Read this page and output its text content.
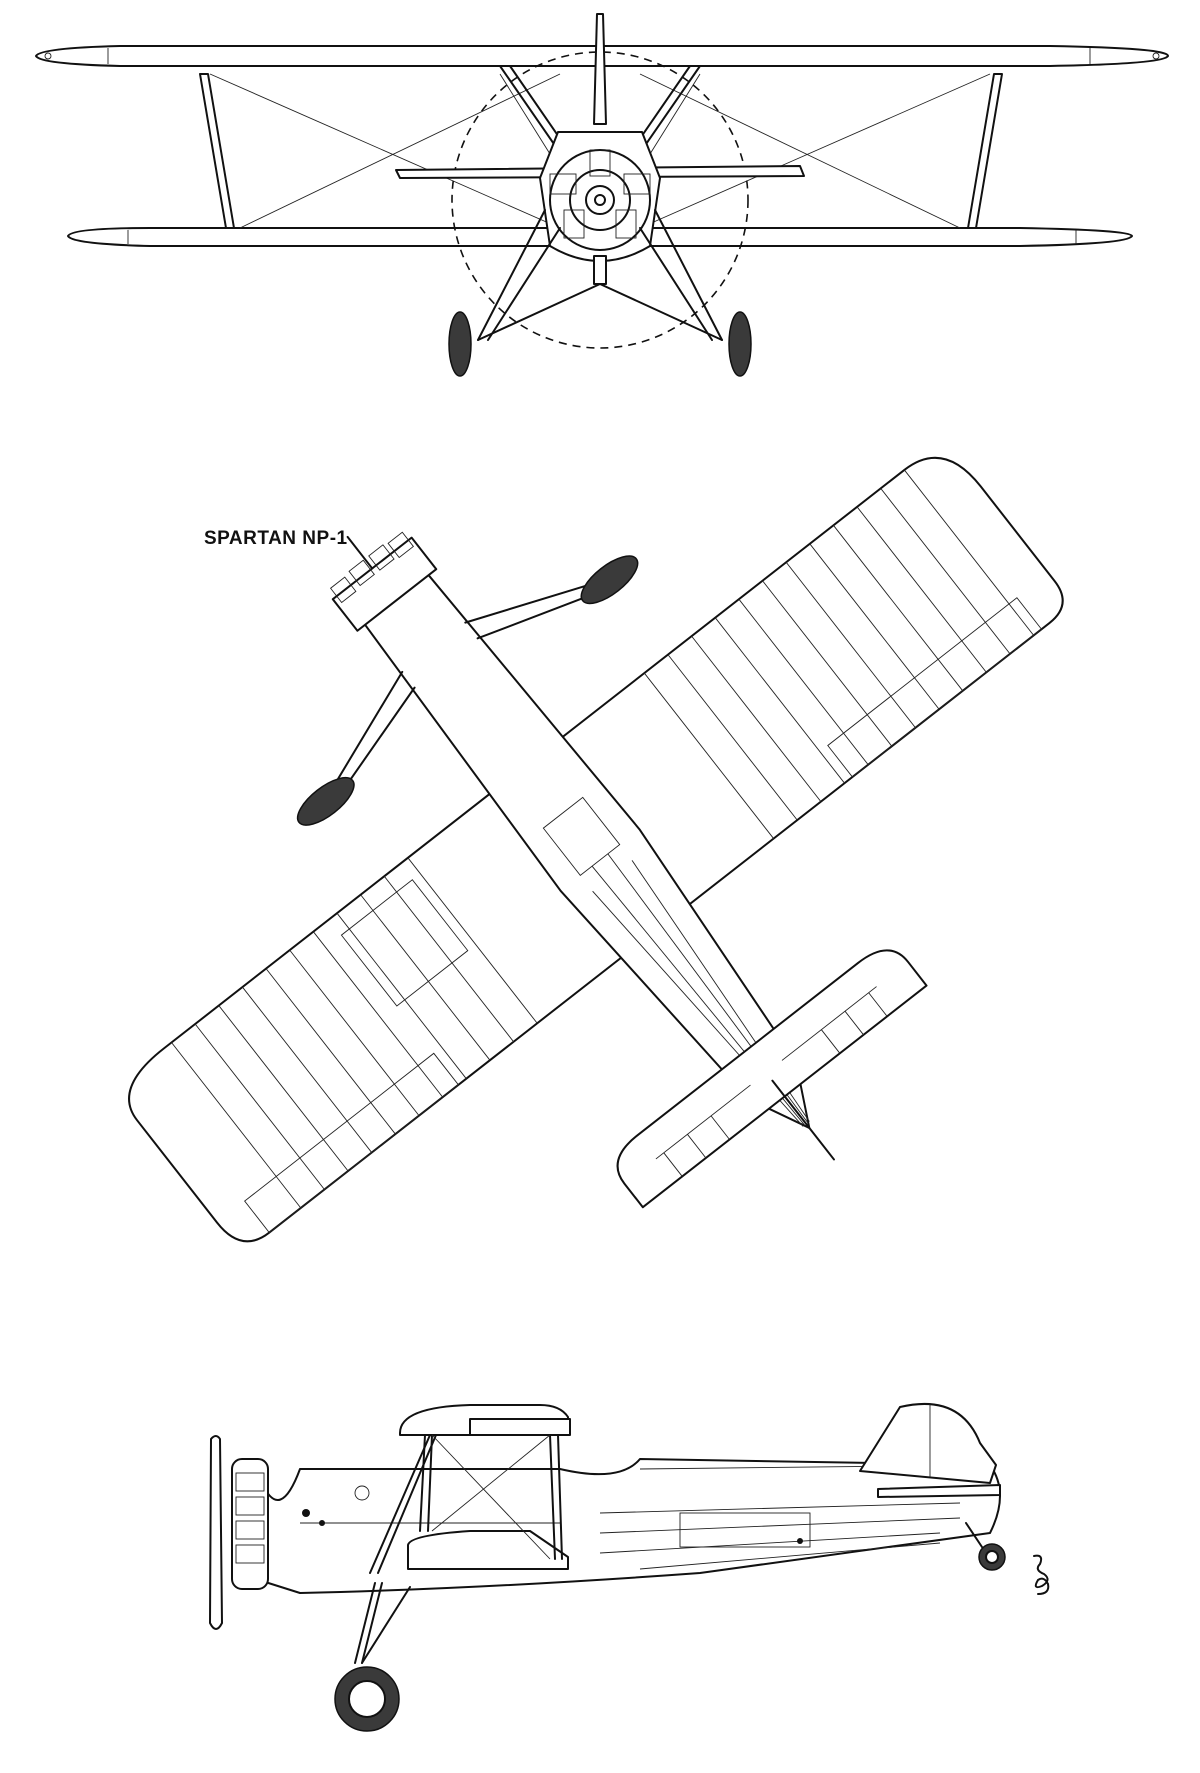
SPARTAN NP-1
